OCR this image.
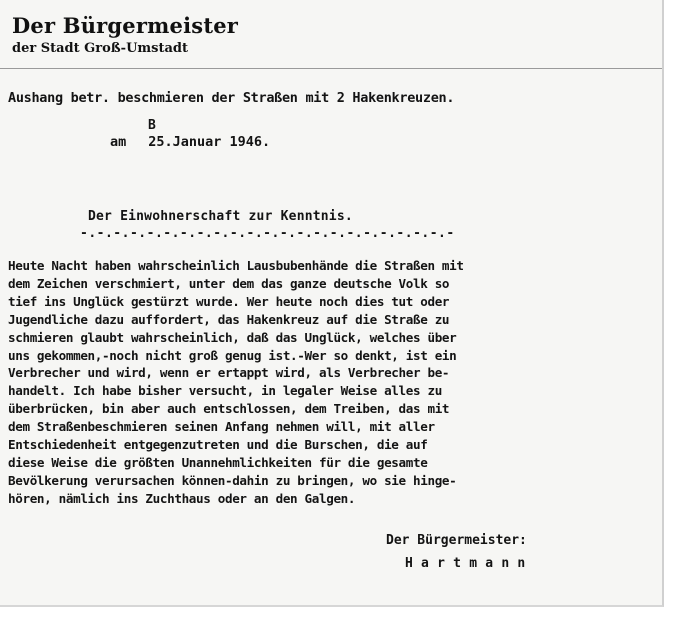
Der Bürgermeister
der Stadt Groß-Umstadt
Aushang betr. beschmieren der Straßen mit 2 Hakenkreuzen.
B
am 25.Januar 1946.
Der Einwohnerschaft zur Kenntnis.
-.-.-.-.-.-.-.-.-.-.-.-.-.-.-.-.-.-.-.-.-.-.-
Heute Nacht haben wahrscheinlich Lausbubenhände die Straßen mit
dem Zeichen verschmiert, unter dem das ganze deutsche Volk so
tief ins Unglück gestürzt wurde. Wer heute noch dies tut oder
Jugendliche dazu auffordert, das Hakenkreuz auf die Straße zu
schmieren glaubt wahrscheinlich, daß das Unglück, welches über
uns gekommen,-noch nicht groß genug ist.-Wer so denkt, ist ein
Verbrecher und wird, wenn er ertappt wird, als Verbrecher be-
handelt. Ich habe bisher versucht, in legaler Weise alles zu
überbrücken, bin aber auch entschlossen, dem Treiben, das mit
dem Straßenbeschmieren seinen Anfang nehmen will, mit aller
Entschiedenheit entgegenzutreten und die Burschen, die auf
diese Weise die größten Unannehmlichkeiten für die gesamte
Bevölkerung verursachen können-dahin zu bringen, wo sie hinge-
hören, nämlich ins Zuchthaus oder an den Galgen.
Der Bürgermeister:
H a r t m a n n
